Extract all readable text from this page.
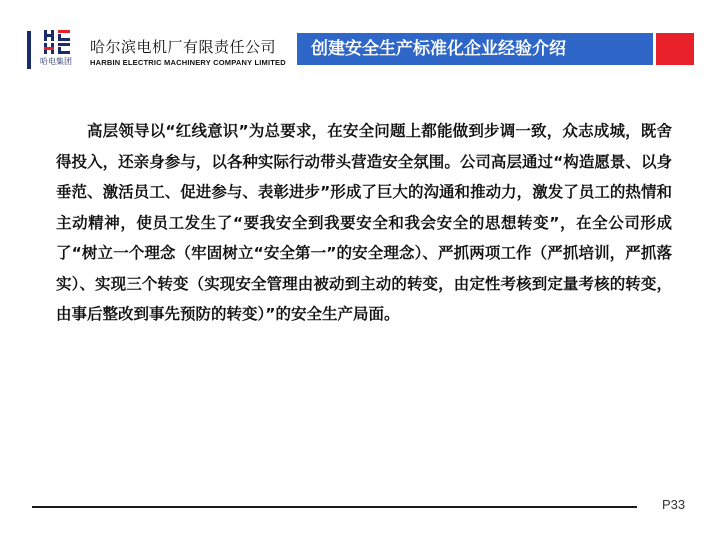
哈电集团
哈尔滨电机厂有限责任公司
HARBIN ELECTRIC MACHINERY COMPANY LIMITED
创建安全生产标准化企业经验介绍

高层领导以“红线意识”为总要求，在安全问题上都能做到步调一致，众志成城，既舍得投入，还亲身参与，以各种实际行动带头营造安全氛围。公司高层通过“构造愿景、以身垂范、激活员工、促进参与、表彰进步”形成了巨大的沟通和推动力，激发了员工的热情和主动精神，使员工发生了“要我安全到我要安全和我会安全的思想转变”，在全公司形成了“树立一个理念（牢固树立“安全第一”的安全理念）、严抓两项工作（严抓培训，严抓落实）、实现三个转变（实现安全管理由被动到主动的转变，由定性考核到定量考核的转变，由事后整改到事先预防的转变）”的安全生产局面。

P33
